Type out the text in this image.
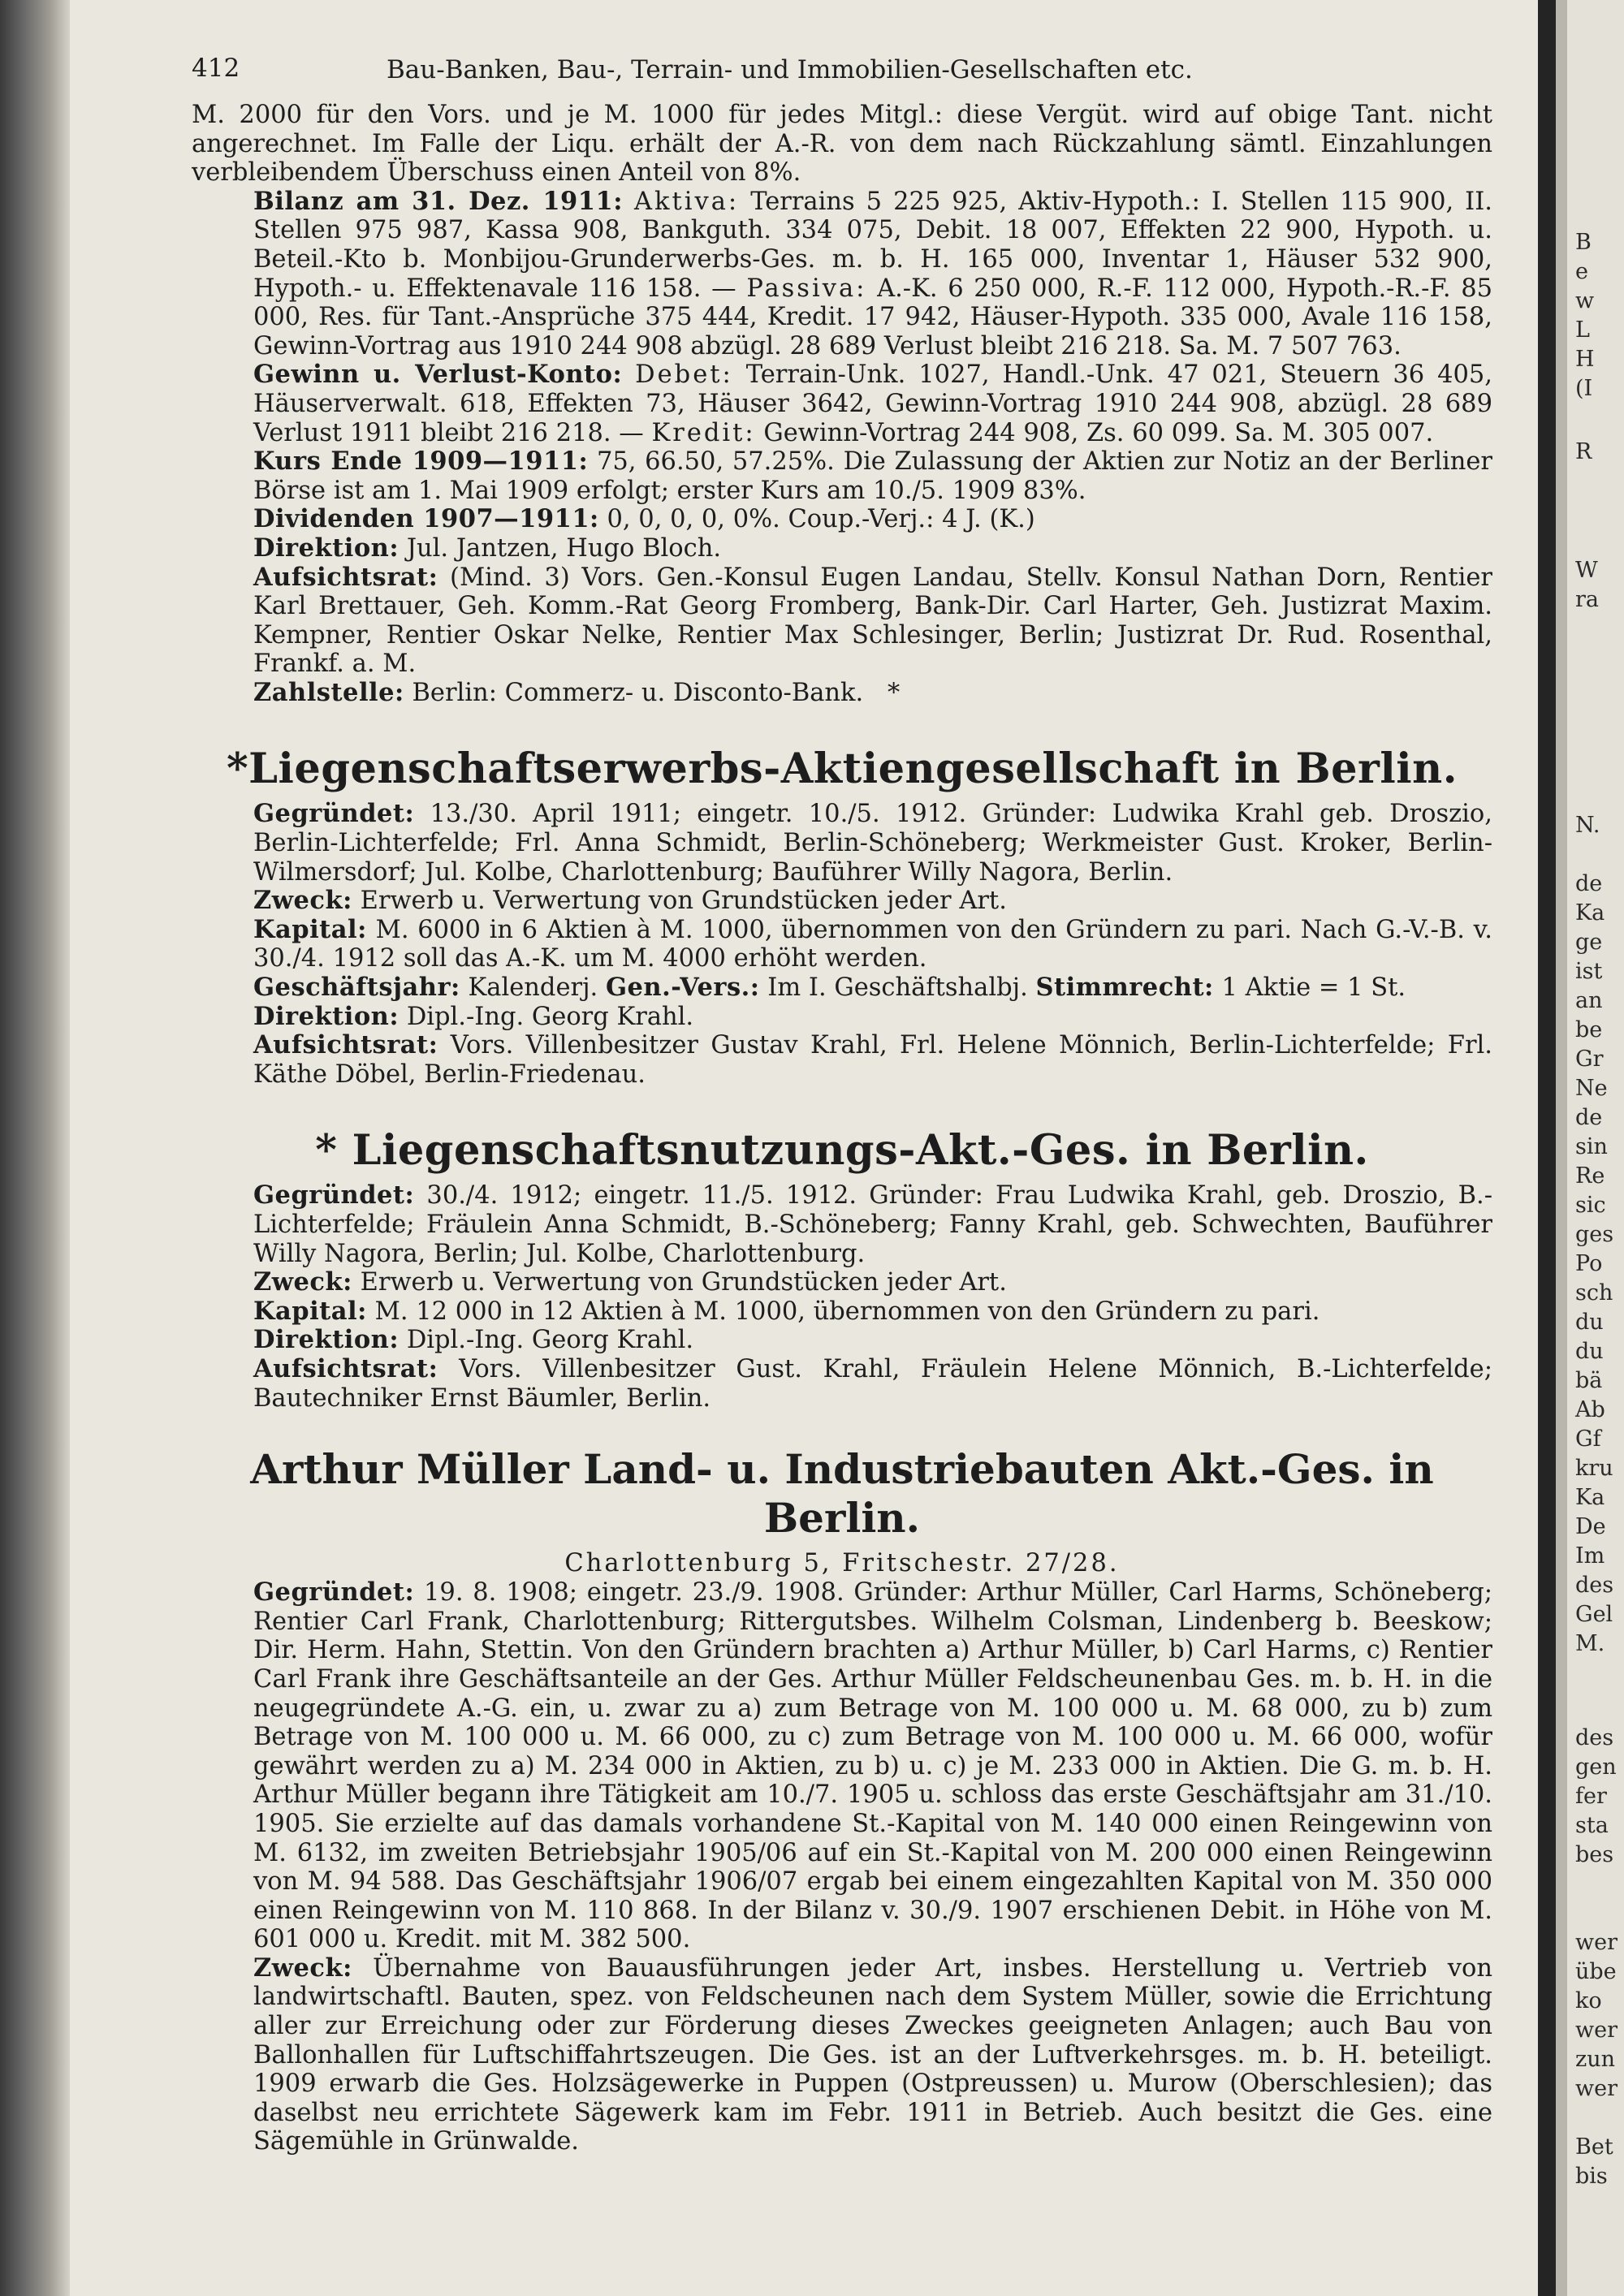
B
e
w
L
H
(I
R
W
ra
N.
de
Ka
ge
ist
an
be
Gr
Ne
de
sin
Re
sic
ges
Po
sch
du
du
bä
Ab
Gf
kru
Ka
De
Im
des
Gel
M.
des
gen
fer
sta
bes
wer
übe
ko
wer
zun
wer
Bet
bis
412	Bau-Banken, Bau-, Terrain- und Immobilien-Gesellschaften etc.

M. 2000 für den Vors. und je M. 1000 für jedes Mitgl.: diese Vergüt. wird auf obige Tant. nicht angerechnet. Im Falle der Liqu. erhält der A.-R. von dem nach Rückzahlung sämtl. Einzahlungen verbleibendem Überschuss einen Anteil von 8%.

Bilanz am 31. Dez. 1911: Aktiva: Terrains 5 225 925, Aktiv-Hypoth.: I. Stellen 115 900, II. Stellen 975 987, Kassa 908, Bankguth. 334 075, Debit. 18 007, Effekten 22 900, Hypoth. u. Beteil.-Kto b. Monbijou-Grunderwerbs-Ges. m. b. H. 165 000, Inventar 1, Häuser 532 900, Hypoth.- u. Effektenavale 116 158. — Passiva: A.-K. 6 250 000, R.-F. 112 000, Hypoth.-R.-F. 85 000, Res. für Tant.-Ansprüche 375 444, Kredit. 17 942, Häuser-Hypoth. 335 000, Avale 116 158, Gewinn-Vortrag aus 1910 244 908 abzügl. 28 689 Verlust bleibt 216 218. Sa. M. 7 507 763.

Gewinn u. Verlust-Konto: Debet: Terrain-Unk. 1027, Handl.-Unk. 47 021, Steuern 36 405, Häuserverwalt. 618, Effekten 73, Häuser 3642, Gewinn-Vortrag 1910 244 908, abzügl. 28 689 Verlust 1911 bleibt 216 218. — Kredit: Gewinn-Vortrag 244 908, Zs. 60 099. Sa. M. 305 007.

Kurs Ende 1909—1911: 75, 66.50, 57.25%. Die Zulassung der Aktien zur Notiz an der Berliner Börse ist am 1. Mai 1909 erfolgt; erster Kurs am 10./5. 1909 83%.

Dividenden 1907—1911: 0, 0, 0, 0, 0%. Coup.-Verj.: 4 J. (K.)

Direktion: Jul. Jantzen, Hugo Bloch.

Aufsichtsrat: (Mind. 3) Vors. Gen.-Konsul Eugen Landau, Stellv. Konsul Nathan Dorn, Rentier Karl Brettauer, Geh. Komm.-Rat Georg Fromberg, Bank-Dir. Carl Harter, Geh. Justizrat Maxim. Kempner, Rentier Oskar Nelke, Rentier Max Schlesinger, Berlin; Justizrat Dr. Rud. Rosenthal, Frankf. a. M.

Zahlstelle: Berlin: Commerz- u. Disconto-Bank. *

*Liegenschaftserwerbs-Aktiengesellschaft in Berlin.

Gegründet: 13./30. April 1911; eingetr. 10./5. 1912. Gründer: Ludwika Krahl geb. Droszio, Berlin-Lichterfelde; Frl. Anna Schmidt, Berlin-Schöneberg; Werkmeister Gust. Kroker, Berlin-Wilmersdorf; Jul. Kolbe, Charlottenburg; Bauführer Willy Nagora, Berlin.

Zweck: Erwerb u. Verwertung von Grundstücken jeder Art.

Kapital: M. 6000 in 6 Aktien à M. 1000, übernommen von den Gründern zu pari. Nach G.-V.-B. v. 30./4. 1912 soll das A.-K. um M. 4000 erhöht werden.

Geschäftsjahr: Kalenderj. Gen.-Vers.: Im I. Geschäftshalbj. Stimmrecht: 1 Aktie = 1 St.

Direktion: Dipl.-Ing. Georg Krahl.

Aufsichtsrat: Vors. Villenbesitzer Gustav Krahl, Frl. Helene Mönnich, Berlin-Lichterfelde; Frl. Käthe Döbel, Berlin-Friedenau.

* Liegenschaftsnutzungs-Akt.-Ges. in Berlin.

Gegründet: 30./4. 1912; eingetr. 11./5. 1912. Gründer: Frau Ludwika Krahl, geb. Droszio, B.-Lichterfelde; Fräulein Anna Schmidt, B.-Schöneberg; Fanny Krahl, geb. Schwechten, Bauführer Willy Nagora, Berlin; Jul. Kolbe, Charlottenburg.

Zweck: Erwerb u. Verwertung von Grundstücken jeder Art.

Kapital: M. 12 000 in 12 Aktien à M. 1000, übernommen von den Gründern zu pari.

Direktion: Dipl.-Ing. Georg Krahl.

Aufsichtsrat: Vors. Villenbesitzer Gust. Krahl, Fräulein Helene Mönnich, B.-Lichterfelde; Bautechniker Ernst Bäumler, Berlin.

Arthur Müller Land- u. Industriebauten Akt.-Ges. in Berlin.
Charlottenburg 5, Fritschestr. 27/28.

Gegründet: 19. 8. 1908; eingetr. 23./9. 1908. Gründer: Arthur Müller, Carl Harms, Schöneberg; Rentier Carl Frank, Charlottenburg; Rittergutsbes. Wilhelm Colsman, Lindenberg b. Beeskow; Dir. Herm. Hahn, Stettin. Von den Gründern brachten a) Arthur Müller, b) Carl Harms, c) Rentier Carl Frank ihre Geschäftsanteile an der Ges. Arthur Müller Feldscheunenbau Ges. m. b. H. in die neugegründete A.-G. ein, u. zwar zu a) zum Betrage von M. 100 000 u. M. 68 000, zu b) zum Betrage von M. 100 000 u. M. 66 000, zu c) zum Betrage von M. 100 000 u. M. 66 000, wofür gewährt werden zu a) M. 234 000 in Aktien, zu b) u. c) je M. 233 000 in Aktien. Die G. m. b. H. Arthur Müller begann ihre Tätigkeit am 10./7. 1905 u. schloss das erste Geschäftsjahr am 31./10. 1905. Sie erzielte auf das damals vorhandene St.-Kapital von M. 140 000 einen Reingewinn von M. 6132, im zweiten Betriebsjahr 1905/06 auf ein St.-Kapital von M. 200 000 einen Reingewinn von M. 94 588. Das Geschäftsjahr 1906/07 ergab bei einem eingezahlten Kapital von M. 350 000 einen Reingewinn von M. 110 868. In der Bilanz v. 30./9. 1907 erschienen Debit. in Höhe von M. 601 000 u. Kredit. mit M. 382 500.

Zweck: Übernahme von Bauausführungen jeder Art, insbes. Herstellung u. Vertrieb von landwirtschaftl. Bauten, spez. von Feldscheunen nach dem System Müller, sowie die Errichtung aller zur Erreichung oder zur Förderung dieses Zweckes geeigneten Anlagen; auch Bau von Ballonhallen für Luftschiffahrtszeugen. Die Ges. ist an der Luftverkehrsges. m. b. H. beteiligt. 1909 erwarb die Ges. Holzsägewerke in Puppen (Ostpreussen) u. Murow (Oberschlesien); das daselbst neu errichtete Sägewerk kam im Febr. 1911 in Betrieb. Auch besitzt die Ges. eine Sägemühle in Grünwalde.
